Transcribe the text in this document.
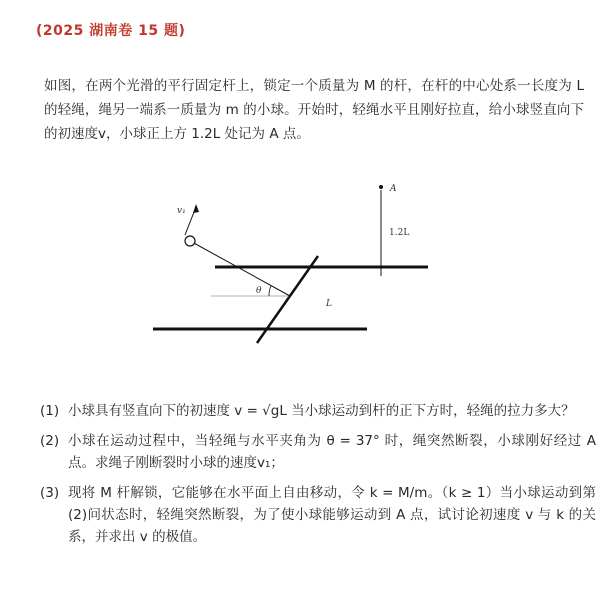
(2025 湖南卷 15 题)

如图，在两个光滑的平行固定杆上，锁定一个质量为 M 的杆，在杆的中心处系一长度为 L 的轻绳，绳另一端系一质量为 m 的小球。开始时，轻绳水平且刚好拉直，给小球竖直向下的初速度v，小球正上方 1.2L 处记为 A 点。

A
1.2L
v₁
θ
L
(1) 小球具有竖直向下的初速度 v = √gL 当小球运动到杆的正下方时，轻绳的拉力多大？
(2) 小球在运动过程中，当轻绳与水平夹角为 θ = 37° 时，绳突然断裂，小球刚好经过 A 点。求绳子刚断裂时小球的速度v₁；
(3) 现将 M 杆解锁，它能够在水平面上自由移动，令 k = M/m。（k ≥ 1）当小球运动到第(2)问状态时，轻绳突然断裂，为了使小球能够运动到 A 点，试讨论初速度 v 与 k 的关系，并求出 v 的极值。
